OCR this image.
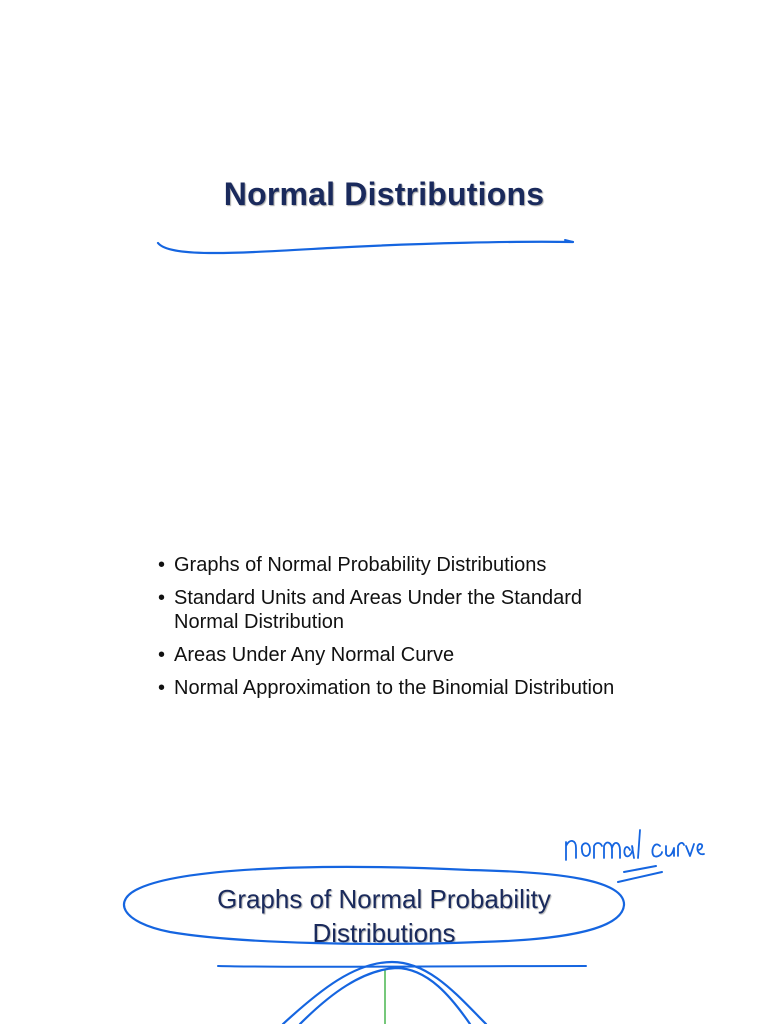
Normal Distributions
• Graphs of Normal Probability Distributions
• Standard Units and Areas Under the Standard Normal Distribution
• Areas Under Any Normal Curve
• Normal Approximation to the Binomial Distribution
Graphs of Normal Probability
Distributions
